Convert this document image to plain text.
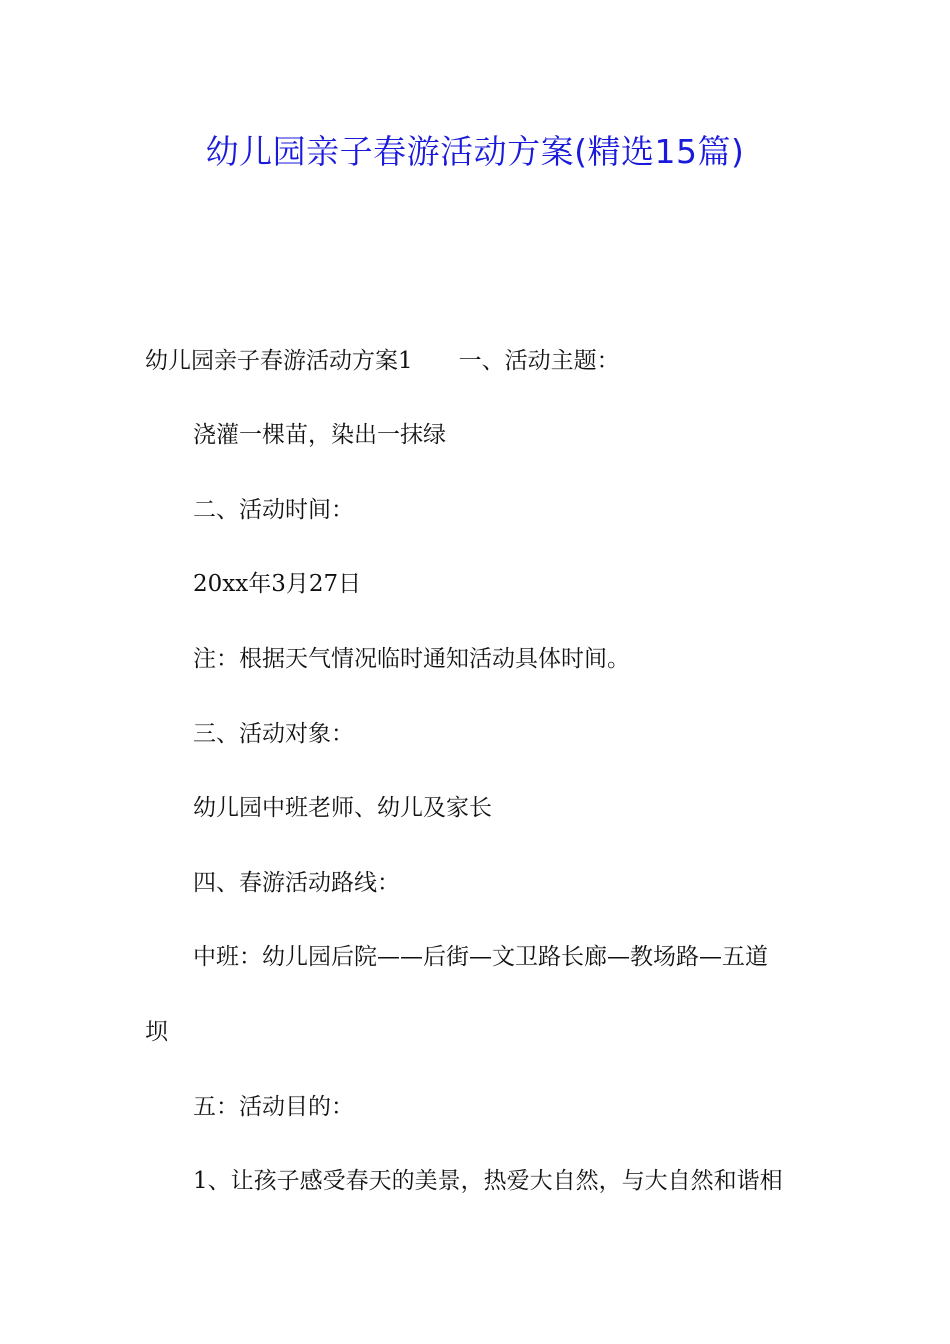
幼儿园亲子春游活动方案(精选15篇)
幼儿园亲子春游活动方案1 一、活动主题：
浇灌一棵苗，染出一抹绿
二、活动时间：
20xx年3月27日
注：根据天气情况临时通知活动具体时间。
三、活动对象：
幼儿园中班老师、幼儿及家长
四、春游活动路线：
中班：幼儿园后院——后街—文卫路长廊—教场路—五道
坝
五：活动目的：
1、让孩子感受春天的美景，热爱大自然，与大自然和谐相
